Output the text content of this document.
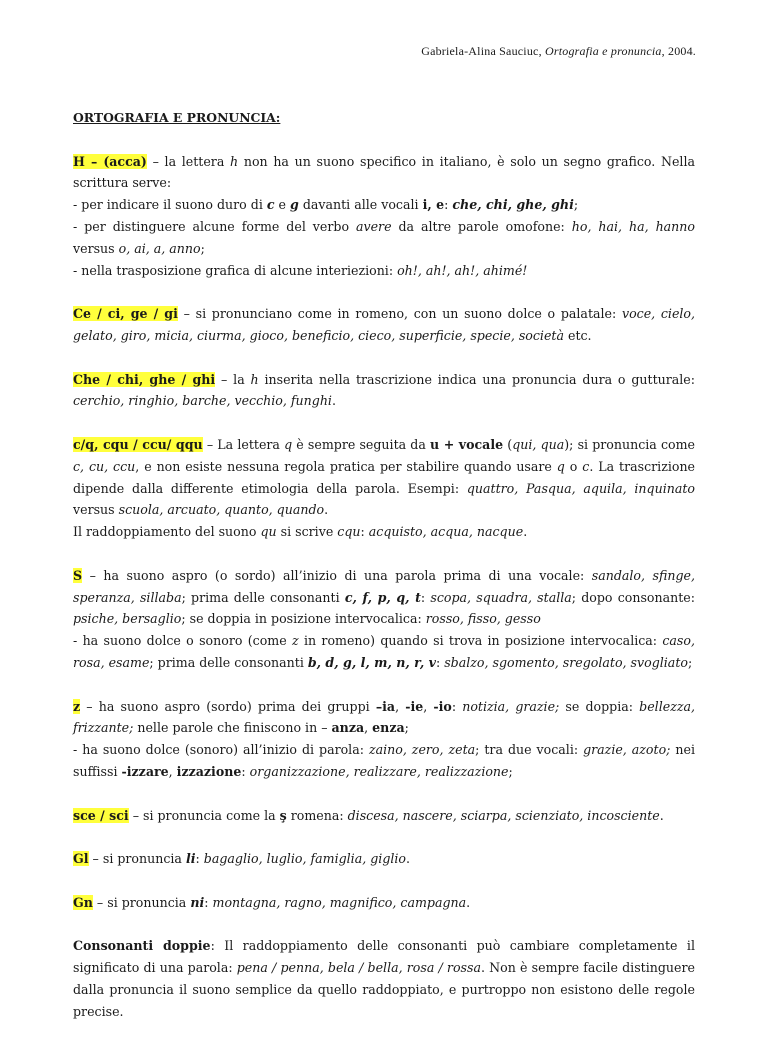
Gabriela-Alina Sauciuc, Ortografia e pronuncia, 2004.
ORTOGRAFIA E PRONUNCIA:
H – (acca) – la lettera h non ha un suono specifico in italiano, è solo un segno grafico. Nella scrittura serve:
- per indicare il suono duro di c e g davanti alle vocali i, e: che, chi, ghe, ghi;
- per distinguere alcune forme del verbo avere da altre parole omofone: ho, hai, ha, hanno versus o, ai, a, anno;
- nella trasposizione grafica di alcune interiezioni: oh!, ah!, ah!, ahimé!
Ce / ci, ge / gi – si pronunciano come in romeno, con un suono dolce o palatale: voce, cielo, gelato, giro, micia, ciurma, gioco, beneficio, cieco, superficie, specie, società etc.
Che / chi, ghe / ghi – la h inserita nella trascrizione indica una pronuncia dura o gutturale: cerchio, ringhio, barche, vecchio, funghi.
c/q, cqu / ccu/ qqu – La lettera q è sempre seguita da u + vocale (qui, qua); si pronuncia come c, cu, ccu, e non esiste nessuna regola pratica per stabilire quando usare q o c. La trascrizione dipende dalla differente etimologia della parola. Esempi: quattro, Pasqua, aquila, inquinato versus scuola, arcuato, quanto, quando.
Il raddoppiamento del suono qu si scrive cqu: acquisto, acqua, nacque.
S – ha suono aspro (o sordo) all’inizio di una parola prima di una vocale: sandalo, sfinge, speranza, sillaba; prima delle consonanti c, f, p, q, t: scopa, squadra, stalla; dopo consonante: psiche, bersaglio; se doppia in posizione intervocalica: rosso, fisso, gesso
- ha suono dolce o sonoro (come z in romeno) quando si trova in posizione intervocalica: caso, rosa, esame; prima delle consonanti b, d, g, l, m, n, r, v: sbalzo, sgomento, sregolato, svogliato;
z – ha suono aspro (sordo) prima dei gruppi –ia, -ie, -io: notizia, grazie; se doppia: bellezza, frizzante; nelle parole che finiscono in – anza, enza;
- ha suono dolce (sonoro) all’inizio di parola: zaino, zero, zeta; tra due vocali: grazie, azoto; nei suffissi -izzare, izzazione: organizzazione, realizzare, realizzazione;
sce / sci – si pronuncia come la ş romena: discesa, nascere, sciarpa, scienziato, incosciente.
Gl – si pronuncia li: bagaglio, luglio, famiglia, giglio.
Gn – si pronuncia ni: montagna, ragno, magnifico, campagna.
Consonanti doppie: Il raddoppiamento delle consonanti può cambiare completamente il significato di una parola: pena / penna, bela / bella, rosa / rossa. Non è sempre facile distinguere dalla pronuncia il suono semplice da quello raddoppiato, e purtroppo non esistono delle regole precise.
